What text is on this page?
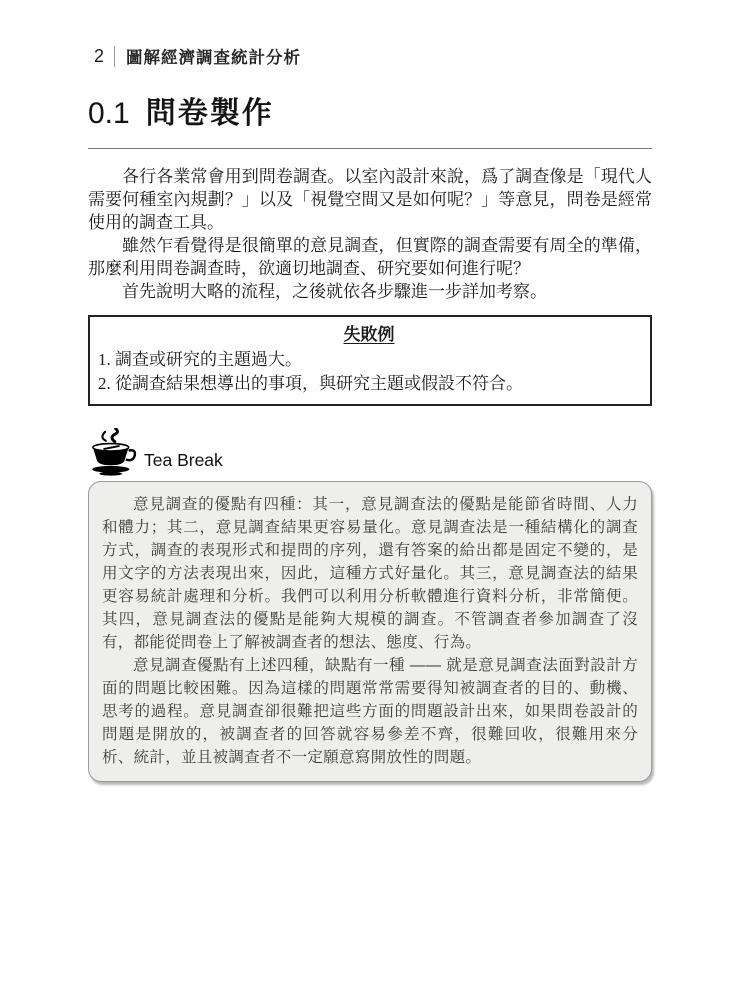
2	圖解經濟調查統計分析
0.1 問卷製作

各行各業常會用到問卷調查。以室內設計來說，爲了調查像是「現代人需要何種室內規劃？」以及「視覺空間又是如何呢？」等意見，問卷是經常使用的調查工具。

雖然乍看覺得是很簡單的意見調查，但實際的調查需要有周全的準備，那麼利用問卷調查時，欲適切地調查、研究要如何進行呢？

首先說明大略的流程，之後就依各步驟進一步詳加考察。

失敗例
1. 調查或研究的主題過大。
2. 從調查結果想導出的事項，與研究主題或假設不符合。
Tea Break

意見調查的優點有四種：其一，意見調查法的優點是能節省時間、人力和體力；其二，意見調查結果更容易量化。意見調查法是一種結構化的調查方式，調查的表現形式和提問的序列，還有答案的給出都是固定不變的，是用文字的方法表現出來，因此，這種方式好量化。其三，意見調查法的結果更容易統計處理和分析。我們可以利用分析軟體進行資料分析，非常簡便。其四，意見調查法的優點是能夠大規模的調查。不管調查者參加調查了沒有，都能從問卷上了解被調查者的想法、態度、行為。

意見調查優點有上述四種，缺點有一種 —— 就是意見調查法面對設計方面的問題比較困難。因為這樣的問題常常需要得知被調查者的目的、動機、思考的過程。意見調查卻很難把這些方面的問題設計出來，如果問卷設計的問題是開放的，被調查者的回答就容易參差不齊，很難回收，很難用來分析、統計，並且被調查者不一定願意寫開放性的問題。
